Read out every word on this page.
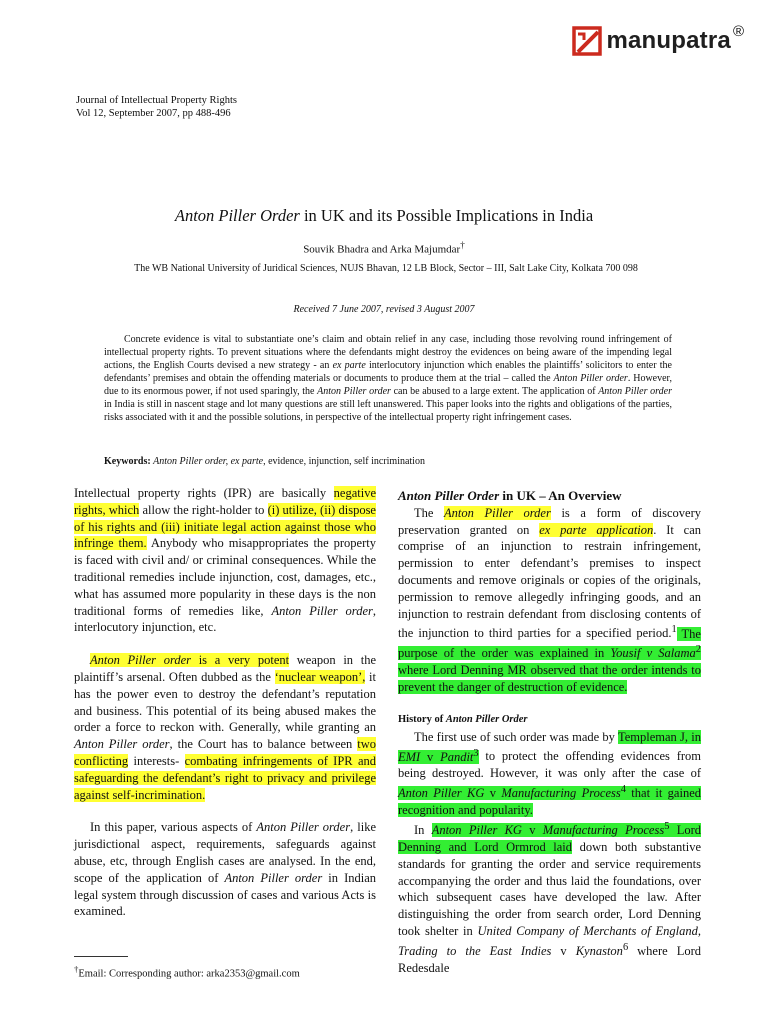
manupatra ®
Journal of Intellectual Property Rights
Vol 12, September 2007, pp 488-496
Anton Piller Order in UK and its Possible Implications in India
Souvik Bhadra and Arka Majumdar†
The WB National University of Juridical Sciences, NUJS Bhavan, 12 LB Block, Sector – III, Salt Lake City, Kolkata 700 098
Received 7 June 2007, revised 3 August 2007
Concrete evidence is vital to substantiate one’s claim and obtain relief in any case, including those revolving round infringement of intellectual property rights. To prevent situations where the defendants might destroy the evidences on being aware of the impending legal actions, the English Courts devised a new strategy - an ex parte interlocutory injunction which enables the plaintiffs’ solicitors to enter the defendants’ premises and obtain the offending materials or documents to produce them at the trial – called the Anton Piller order. However, due to its enormous power, if not used sparingly, the Anton Piller order can be abused to a large extent. The application of Anton Piller order in India is still in nascent stage and lot many questions are still left unanswered. This paper looks into the rights and obligations of the parties, risks associated with it and the possible solutions, in perspective of the intellectual property right infringement cases.
Keywords: Anton Piller order, ex parte, evidence, injunction, self incrimination

Intellectual property rights (IPR) are basically negative rights, which allow the right-holder to (i) utilize, (ii) dispose of his rights and (iii) initiate legal action against those who infringe them. Anybody who misappropriates the property is faced with civil and/ or criminal consequences. While the traditional remedies include injunction, cost, damages, etc., what has assumed more popularity in these days is the non traditional forms of remedies like, Anton Piller order, interlocutory injunction, etc.

Anton Piller order is a very potent weapon in the plaintiff’s arsenal. Often dubbed as the ‘nuclear weapon’, it has the power even to destroy the defendant’s reputation and business. This potential of its being abused makes the order a force to reckon with. Generally, while granting an Anton Piller order, the Court has to balance between two conflicting interests- combating infringements of IPR and safeguarding the defendant’s right to privacy and privilege against self-incrimination.

In this paper, various aspects of Anton Piller order, like jurisdictional aspect, requirements, safeguards against abuse, etc, through English cases are analysed. In the end, scope of the application of Anton Piller order in Indian legal system through discussion of cases and various Acts is examined.

†Email: Corresponding author: arka2353@gmail.com
Anton Piller Order in UK – An Overview

The Anton Piller order is a form of discovery preservation granted on ex parte application. It can comprise of an injunction to restrain infringement, permission to enter defendant’s premises to inspect documents and remove originals or copies of the originals, permission to remove allegedly infringing goods, and an injunction to restrain defendant from disclosing contents of the injunction to third parties for a specified period.$^1$ The purpose of the order was explained in Yousif v Salama$^2$ where Lord Denning MR observed that the order intends to prevent the danger of destruction of evidence.

History of Anton Piller Order

The first use of such order was made by Templeman J, in EMI v Pandit$^3$ to protect the offending evidences from being destroyed. However, it was only after the case of Anton Piller KG v Manufacturing Process$^4$ that it gained recognition and popularity.

In Anton Piller KG v Manufacturing Process$^5$ Lord Denning and Lord Ormrod laid down both substantive standards for granting the order and service requirements accompanying the order and thus laid the foundations, over which subsequent cases have developed the law. After distinguishing the order from search order, Lord Denning took shelter in United Company of Merchants of England, Trading to the East Indies v Kynaston$^6$ where Lord Redesdale
